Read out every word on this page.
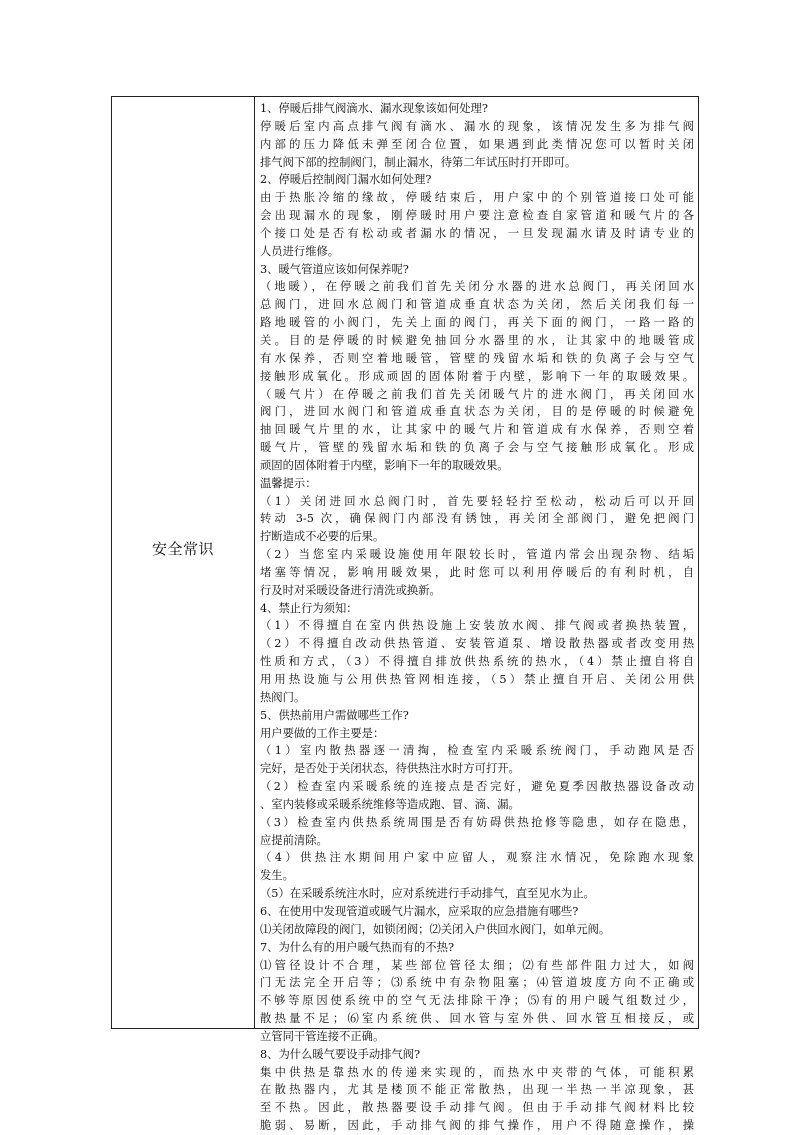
安全常识
1、停暖后排气阀滴水、漏水现象该如何处理?
停暖后室内高点排气阀有滴水、漏水的现象，该情况发生多为排气阀
内部的压力降低未弹至闭合位置，如果遇到此类情况您可以暂时关闭
排气阀下部的控制阀门，制止漏水，待第二年试压时打开即可。
2、停暖后控制阀门漏水如何处理?
由于热胀冷缩的缘故，停暖结束后，用户家中的个别管道接口处可能
会出现漏水的现象，刚停暖时用户要注意检查自家管道和暖气片的各
个接口处是否有松动或者漏水的情况，一旦发现漏水请及时请专业的
人员进行维修。
3、暖气管道应该如何保养呢?
（地暖），在停暖之前我们首先关闭分水器的进水总阀门，再关闭回水
总阀门，进回水总阀门和管道成垂直状态为关闭，然后关闭我们每一
路地暖管的小阀门，先关上面的阀门，再关下面的阀门，一路一路的
关。目的是停暖的时候避免抽回分水器里的水，让其家中的地暖管成
有水保养，否则空着地暖管，管壁的残留水垢和铁的负离子会与空气
接触形成氧化。形成顽固的固体附着于内壁，影响下一年的取暖效果。
（暖气片）在停暖之前我们首先关闭暖气片的进水阀门，再关闭回水
阀门，进回水阀门和管道成垂直状态为关闭，目的是停暖的时候避免
抽回暖气片里的水，让其家中的暖气片和管道成有水保养，否则空着
暖气片，管壁的残留水垢和铁的负离子会与空气接触形成氧化。形成
顽固的固体附着于内壁，影响下一年的取暖效果。
温馨提示：
（1）关闭进回水总阀门时，首先要轻轻拧至松动，松动后可以开回
转动 3-5 次，确保阀门内部没有锈蚀，再关闭全部阀门，避免把阀门
拧断造成不必要的后果。
（2）当您室内采暖设施使用年限较长时，管道内常会出现杂物、结垢
堵塞等情况，影响用暖效果，此时您可以利用停暖后的有利时机，自
行及时对采暖设备进行清洗或换新。
4、禁止行为须知：
（1）不得擅自在室内供热设施上安装放水阀、排气阀或者换热装置，
（2）不得擅自改动供热管道、安装管道泵、增设散热器或者改变用热
性质和方式，（3）不得擅自排放供热系统的热水，（4）禁止擅自将自
用用热设施与公用供热管网相连接，（5）禁止擅自开启、关闭公用供
热阀门。
5、供热前用户需做哪些工作?
用户要做的工作主要是：
（1）室内散热器逐一清掏，检查室内采暖系统阀门，手动跑风是否
完好，是否处于关闭状态，待供热注水时方可打开。
（2）检查室内采暖系统的连接点是否完好，避免夏季因散热器设备改动
、室内装修或采暖系统维修等造成跑、冒、滴、漏。
（3）检查室内供热系统周围是否有妨碍供热抢修等隐患，如存在隐患，
应提前清除。
（4）供热注水期间用户家中应留人，观察注水情况，免除跑水现象
发生。
（5）在采暖系统注水时，应对系统进行手动排气，直至见水为止。
6、在使用中发现管道或暖气片漏水，应采取的应急措施有哪些?
⑴关闭故障段的阀门，如锁闭阀；⑵关闭入户供回水阀门，如单元阀。
7、为什么有的用户暖气热而有的不热?
⑴管径设计不合理，某些部位管径太细；⑵有些部件阻力过大，如阀
门无法完全开启等；⑶系统中有杂物阻塞；⑷管道坡度方向不正确或
不够等原因使系统中的空气无法排除干净；⑸有的用户暖气组数过少，
散热量不足；⑹室内系统供、回水管与室外供、回水管互相接反，或
立管同干管连接不正确。
8、为什么暖气要设手动排气阀?
集中供热是靠热水的传递来实现的，而热水中夹带的气体，可能积累
在散热器内，尤其是楼顶不能正常散热，出现一半热一半凉现象，甚
至不热。因此，散热器要设手动排气阀。但由于手动排气阀材料比较
脆弱、易断，因此，手动排气阀的排气操作，用户不得随意操作，操
